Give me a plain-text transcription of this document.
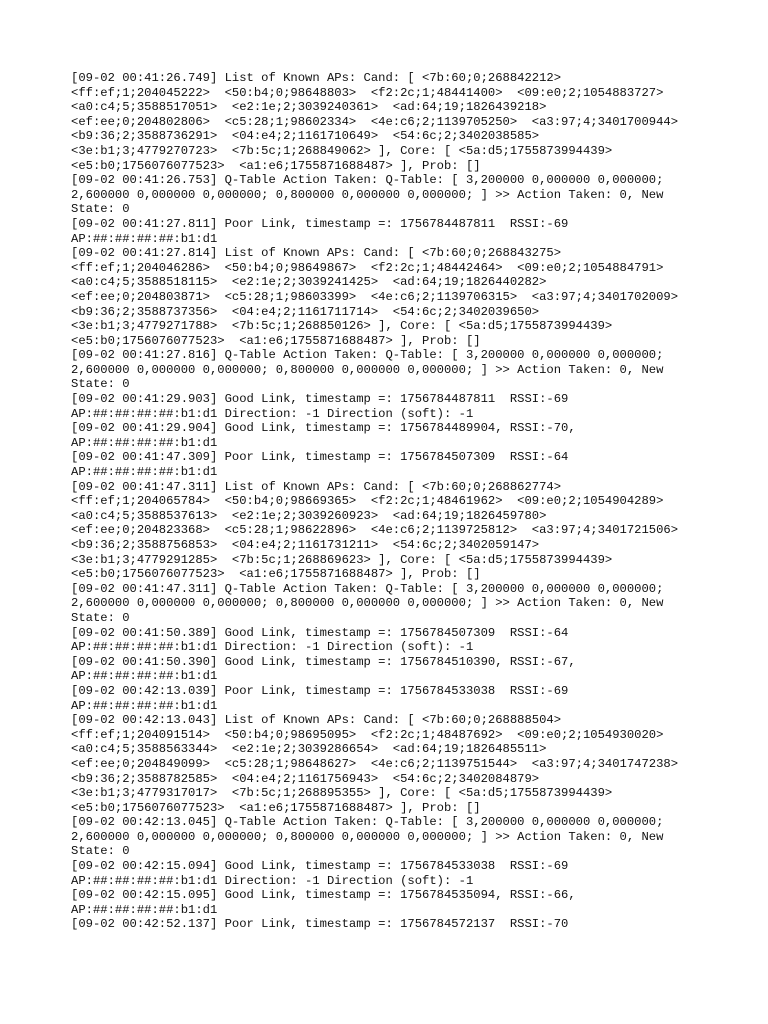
[09-02 00:41:26.749] List of Known APs: Cand: [ <7b:60;0;268842212>
<ff:ef;1;204045222>  <50:b4;0;98648803>  <f2:2c;1;48441400>  <09:e0;2;1054883727>
<a0:c4;5;3588517051>  <e2:1e;2;3039240361>  <ad:64;19;1826439218>
<ef:ee;0;204802806>  <c5:28;1;98602334>  <4e:c6;2;1139705250>  <a3:97;4;3401700944>
<b9:36;2;3588736291>  <04:e4;2;1161710649>  <54:6c;2;3402038585>
<3e:b1;3;4779270723>  <7b:5c;1;268849062> ], Core: [ <5a:d5;1755873994439>
<e5:b0;1756076077523>  <a1:e6;1755871688487> ], Prob: []
[09-02 00:41:26.753] Q-Table Action Taken: Q-Table: [ 3,200000 0,000000 0,000000;
2,600000 0,000000 0,000000; 0,800000 0,000000 0,000000; ] >> Action Taken: 0, New
State: 0
[09-02 00:41:27.811] Poor Link, timestamp =: 1756784487811  RSSI:-69
AP:##:##:##:##:b1:d1
[09-02 00:41:27.814] List of Known APs: Cand: [ <7b:60;0;268843275>
<ff:ef;1;204046286>  <50:b4;0;98649867>  <f2:2c;1;48442464>  <09:e0;2;1054884791>
<a0:c4;5;3588518115>  <e2:1e;2;3039241425>  <ad:64;19;1826440282>
<ef:ee;0;204803871>  <c5:28;1;98603399>  <4e:c6;2;1139706315>  <a3:97;4;3401702009>
<b9:36;2;3588737356>  <04:e4;2;1161711714>  <54:6c;2;3402039650>
<3e:b1;3;4779271788>  <7b:5c;1;268850126> ], Core: [ <5a:d5;1755873994439>
<e5:b0;1756076077523>  <a1:e6;1755871688487> ], Prob: []
[09-02 00:41:27.816] Q-Table Action Taken: Q-Table: [ 3,200000 0,000000 0,000000;
2,600000 0,000000 0,000000; 0,800000 0,000000 0,000000; ] >> Action Taken: 0, New
State: 0
[09-02 00:41:29.903] Good Link, timestamp =: 1756784487811  RSSI:-69
AP:##:##:##:##:b1:d1 Direction: -1 Direction (soft): -1
[09-02 00:41:29.904] Good Link, timestamp =: 1756784489904, RSSI:-70,
AP:##:##:##:##:b1:d1
[09-02 00:41:47.309] Poor Link, timestamp =: 1756784507309  RSSI:-64
AP:##:##:##:##:b1:d1
[09-02 00:41:47.311] List of Known APs: Cand: [ <7b:60;0;268862774>
<ff:ef;1;204065784>  <50:b4;0;98669365>  <f2:2c;1;48461962>  <09:e0;2;1054904289>
<a0:c4;5;3588537613>  <e2:1e;2;3039260923>  <ad:64;19;1826459780>
<ef:ee;0;204823368>  <c5:28;1;98622896>  <4e:c6;2;1139725812>  <a3:97;4;3401721506>
<b9:36;2;3588756853>  <04:e4;2;1161731211>  <54:6c;2;3402059147>
<3e:b1;3;4779291285>  <7b:5c;1;268869623> ], Core: [ <5a:d5;1755873994439>
<e5:b0;1756076077523>  <a1:e6;1755871688487> ], Prob: []
[09-02 00:41:47.311] Q-Table Action Taken: Q-Table: [ 3,200000 0,000000 0,000000;
2,600000 0,000000 0,000000; 0,800000 0,000000 0,000000; ] >> Action Taken: 0, New
State: 0
[09-02 00:41:50.389] Good Link, timestamp =: 1756784507309  RSSI:-64
AP:##:##:##:##:b1:d1 Direction: -1 Direction (soft): -1
[09-02 00:41:50.390] Good Link, timestamp =: 1756784510390, RSSI:-67,
AP:##:##:##:##:b1:d1
[09-02 00:42:13.039] Poor Link, timestamp =: 1756784533038  RSSI:-69
AP:##:##:##:##:b1:d1
[09-02 00:42:13.043] List of Known APs: Cand: [ <7b:60;0;268888504>
<ff:ef;1;204091514>  <50:b4;0;98695095>  <f2:2c;1;48487692>  <09:e0;2;1054930020>
<a0:c4;5;3588563344>  <e2:1e;2;3039286654>  <ad:64;19;1826485511>
<ef:ee;0;204849099>  <c5:28;1;98648627>  <4e:c6;2;1139751544>  <a3:97;4;3401747238>
<b9:36;2;3588782585>  <04:e4;2;1161756943>  <54:6c;2;3402084879>
<3e:b1;3;4779317017>  <7b:5c;1;268895355> ], Core: [ <5a:d5;1755873994439>
<e5:b0;1756076077523>  <a1:e6;1755871688487> ], Prob: []
[09-02 00:42:13.045] Q-Table Action Taken: Q-Table: [ 3,200000 0,000000 0,000000;
2,600000 0,000000 0,000000; 0,800000 0,000000 0,000000; ] >> Action Taken: 0, New
State: 0
[09-02 00:42:15.094] Good Link, timestamp =: 1756784533038  RSSI:-69
AP:##:##:##:##:b1:d1 Direction: -1 Direction (soft): -1
[09-02 00:42:15.095] Good Link, timestamp =: 1756784535094, RSSI:-66,
AP:##:##:##:##:b1:d1
[09-02 00:42:52.137] Poor Link, timestamp =: 1756784572137  RSSI:-70
